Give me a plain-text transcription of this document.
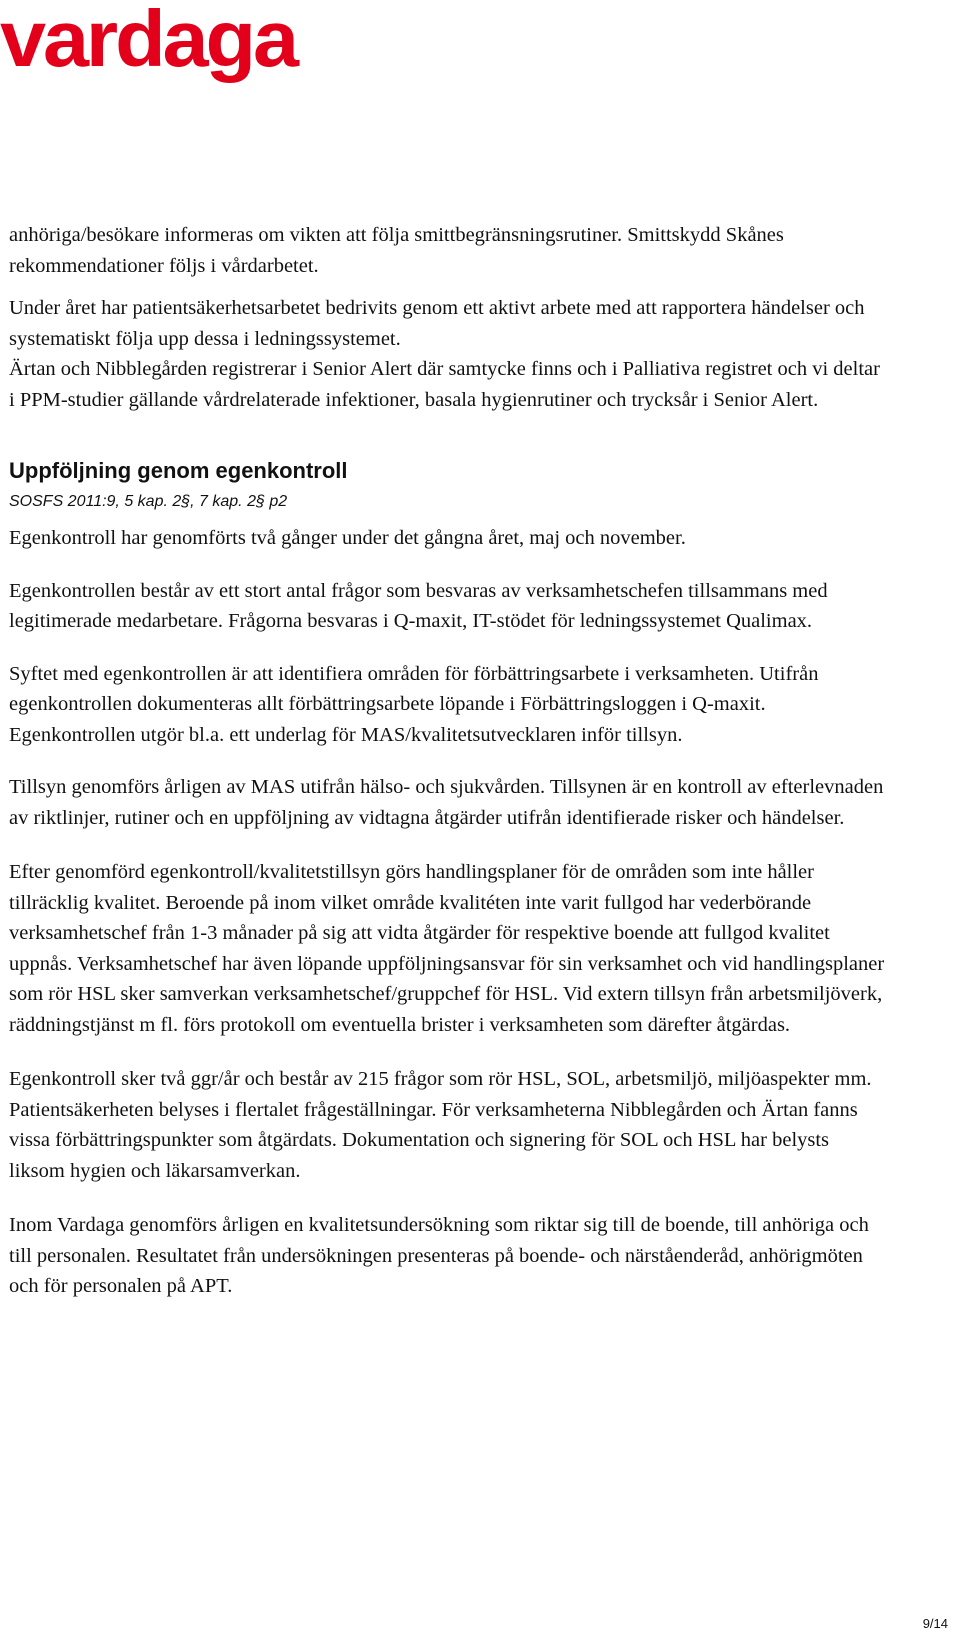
vardaga

anhöriga/besökare informeras om vikten att följa smittbegränsningsrutiner. Smittskydd Skånes rekommendationer följs i vårdarbetet.

Under året har patientsäkerhetsarbetet bedrivits genom ett aktivt arbete med att rapportera händelser och systematiskt följa upp dessa i ledningssystemet.

Ärtan och Nibblegården registrerar i Senior Alert där samtycke finns och i Palliativa registret och vi deltar i PPM-studier gällande vårdrelaterade infektioner, basala hygienrutiner och trycksår i Senior Alert.

Uppföljning genom egenkontroll
SOSFS 2011:9, 5 kap. 2§, 7 kap. 2§ p2

Egenkontroll har genomförts två gånger under det gångna året, maj och november.

Egenkontrollen består av ett stort antal frågor som besvaras av verksamhetschefen tillsammans med legitimerade medarbetare. Frågorna besvaras i Q-maxit, IT-stödet för ledningssystemet Qualimax.

Syftet med egenkontrollen är att identifiera områden för förbättringsarbete i verksamheten. Utifrån egenkontrollen dokumenteras allt förbättringsarbete löpande i Förbättringsloggen i Q-maxit. Egenkontrollen utgör bl.a. ett underlag för MAS/kvalitetsutvecklaren inför tillsyn.

Tillsyn genomförs årligen av MAS utifrån hälso- och sjukvården. Tillsynen är en kontroll av efterlevnaden av riktlinjer, rutiner och en uppföljning av vidtagna åtgärder utifrån identifierade risker och händelser.

Efter genomförd egenkontroll/kvalitetstillsyn görs handlingsplaner för de områden som inte håller tillräcklig kvalitet. Beroende på inom vilket område kvalitéten inte varit fullgod har vederbörande verksamhetschef från 1-3 månader på sig att vidta åtgärder för respektive boende att fullgod kvalitet uppnås. Verksamhetschef har även löpande uppföljningsansvar för sin verksamhet och vid handlingsplaner som rör HSL sker samverkan verksamhetschef/gruppchef för HSL. Vid extern tillsyn från arbetsmiljöverk, räddningstjänst m fl. förs protokoll om eventuella brister i verksamheten som därefter åtgärdas.

Egenkontroll sker två ggr/år och består av 215 frågor som rör HSL, SOL, arbetsmiljö, miljöaspekter mm. Patientsäkerheten belyses i flertalet frågeställningar. För verksamheterna Nibblegården och Ärtan fanns vissa förbättringspunkter som åtgärdats. Dokumentation och signering för SOL och HSL har belysts liksom hygien och läkarsamverkan.

Inom Vardaga genomförs årligen en kvalitetsundersökning som riktar sig till de boende, till anhöriga och till personalen. Resultatet från undersökningen presenteras på boende- och närståenderåd, anhörigmöten och för personalen på APT.

9/14
